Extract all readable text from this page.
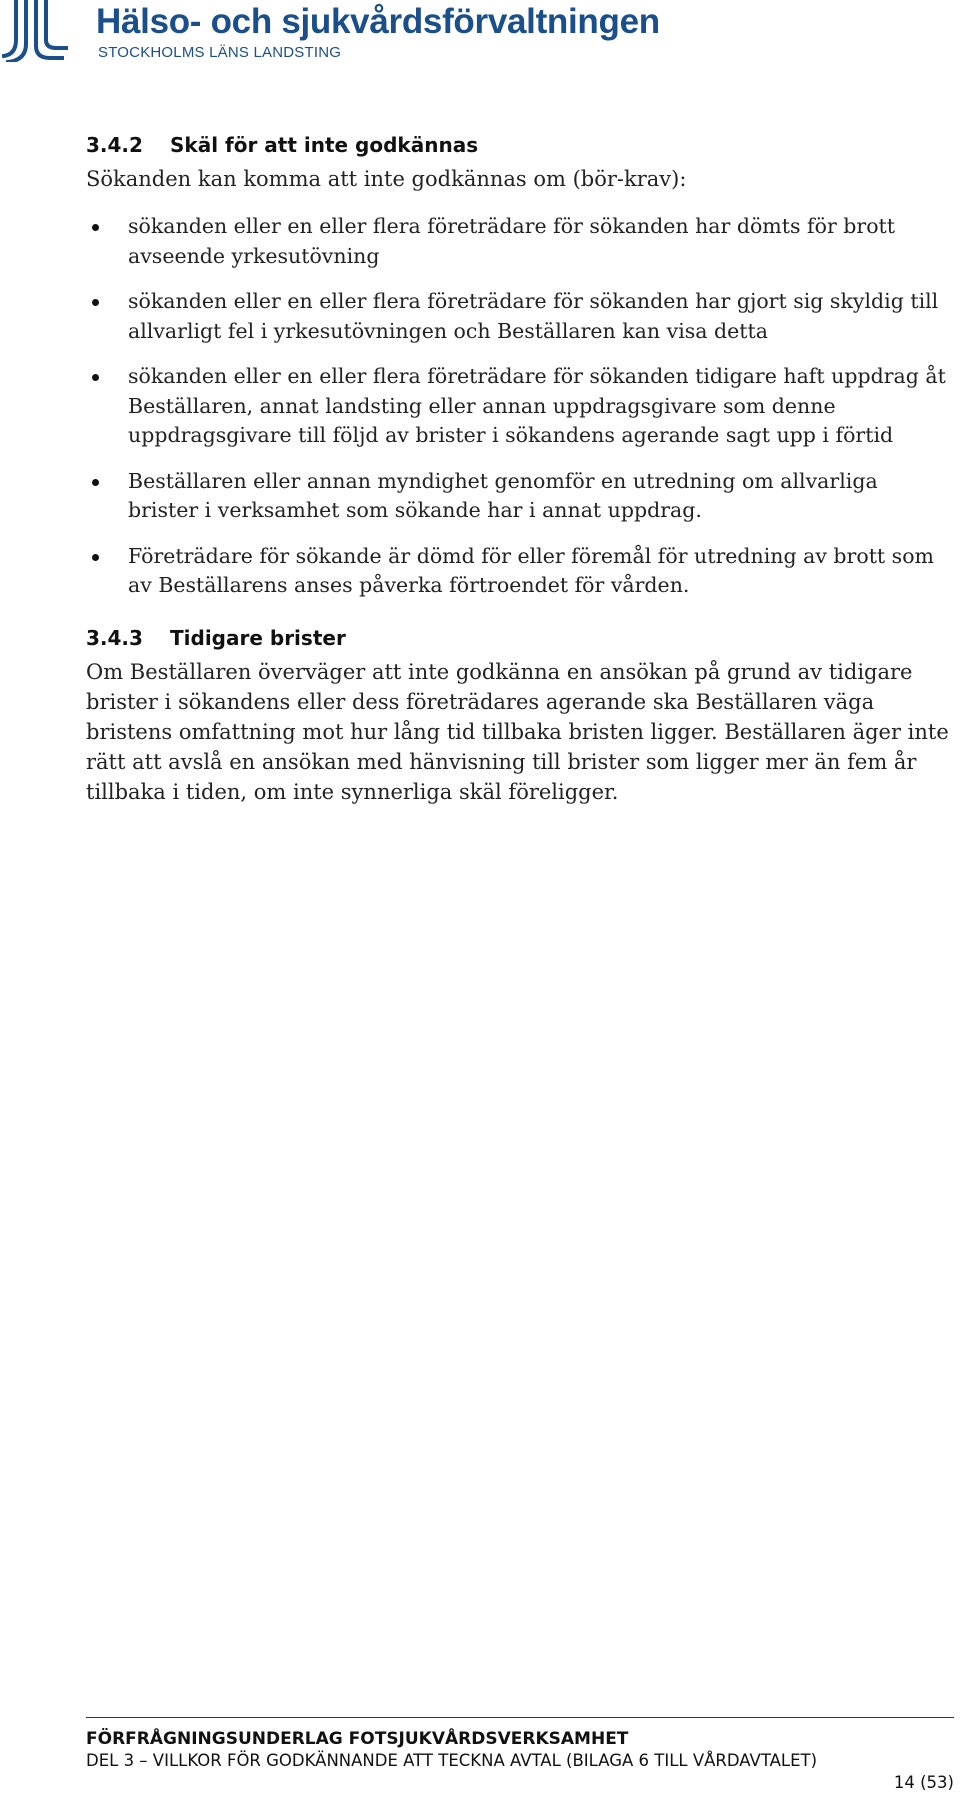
Hälso- och sjukvårdsförvaltningen
STOCKHOLMS LÄNS LANDSTING
3.4.2 Skäl för att inte godkännas

Sökanden kan komma att inte godkännas om (bör-krav):

sökanden eller en eller flera företrädare för sökanden har dömts för brott avseende yrkesutövning
sökanden eller en eller flera företrädare för sökanden har gjort sig skyldig till allvarligt fel i yrkesutövningen och Beställaren kan visa detta
sökanden eller en eller flera företrädare för sökanden tidigare haft uppdrag åt Beställaren, annat landsting eller annan uppdragsgivare som denne uppdragsgivare till följd av brister i sökandens agerande sagt upp i förtid
Beställaren eller annan myndighet genomför en utredning om allvarliga brister i verksamhet som sökande har i annat uppdrag.
Företrädare för sökande är dömd för eller föremål för utredning av brott som av Beställarens anses påverka förtroendet för vården.
3.4.3 Tidigare brister

Om Beställaren överväger att inte godkänna en ansökan på grund av tidigare brister i sökandens eller dess företrädares agerande ska Beställaren väga bristens omfattning mot hur lång tid tillbaka bristen ligger. Beställaren äger inte rätt att avslå en ansökan med hänvisning till brister som ligger mer än fem år tillbaka i tiden, om inte synnerliga skäl föreligger.

FÖRFRÅGNINGSUNDERLAG FOTSJUKVÅRDSVERKSAMHET
DEL 3 – VILLKOR FÖR GODKÄNNANDE ATT TECKNA AVTAL (BILAGA 6 TILL VÅRDAVTALET)
14 (53)
